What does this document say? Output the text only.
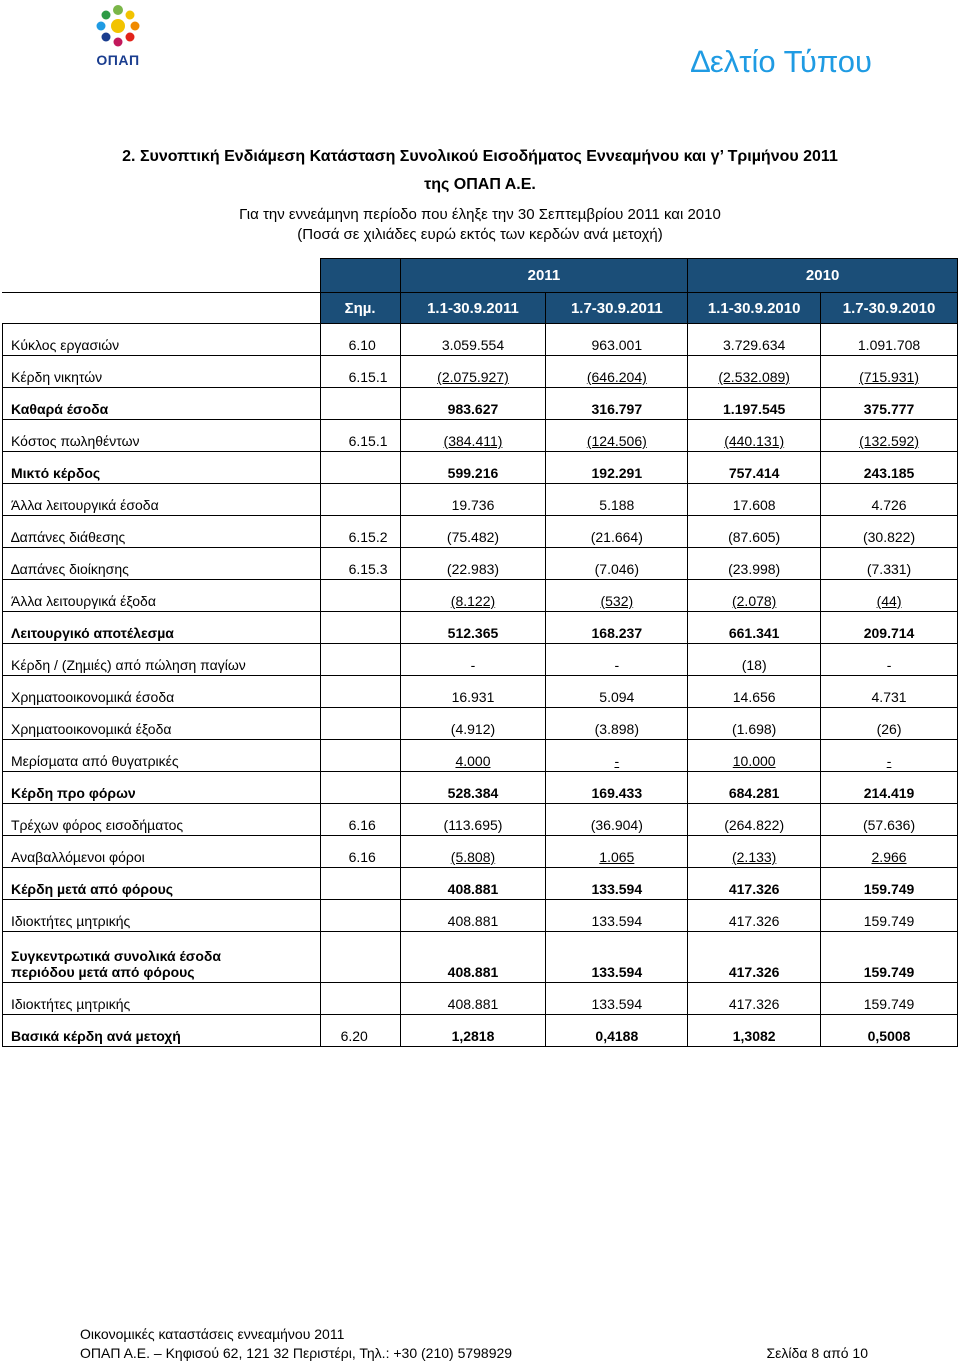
ΟΠΑΠ	∆ελτίο Τύπου
2. Συνοπτική Ενδιάµεση Κατάσταση Συνολικού Εισοδήµατος Εννεαµήνου και γ’ Τριµήνου 2011
της ΟΠΑΠ Α.Ε.
Για την εννεάµηνη περίοδο που έληξε την 30 Σεπτεµβρίου 2011 και 2010
(Ποσά σε χιλιάδες ευρώ εκτός των κερδών ανά µετοχή)
		2011		2010	
	Σηµ.	1.1-30.9.2011	1.7-30.9.2011	1.1-30.9.2010	1.7-30.9.2010
Κύκλος εργασιών	6.10	3.059.554	963.001	3.729.634	1.091.708
Κέρδη νικητών	6.15.1	(2.075.927)	(646.204)	(2.532.089)	(715.931)
Καθαρά έσοδα		983.627	316.797	1.197.545	375.777
Κόστος πωληθέντων	6.15.1	(384.411)	(124.506)	(440.131)	(132.592)
Μικτό κέρδος		599.216	192.291	757.414	243.185
Άλλα λειτουργικά έσοδα		19.736	5.188	17.608	4.726
∆απάνες διάθεσης	6.15.2	(75.482)	(21.664)	(87.605)	(30.822)
∆απάνες διοίκησης	6.15.3	(22.983)	(7.046)	(23.998)	(7.331)
Άλλα λειτουργικά έξοδα		(8.122)	(532)	(2.078)	(44)
Λειτουργικό αποτέλεσµα		512.365	168.237	661.341	209.714
Κέρδη / (Ζηµιές) από πώληση παγίων		-	-	(18)	-
Χρηµατοοικονοµικά έσοδα		16.931	5.094	14.656	4.731
Χρηµατοοικονοµικά έξοδα		(4.912)	(3.898)	(1.698)	(26)
Μερίσµατα από θυγατρικές		4.000	-	10.000	-
Κέρδη προ φόρων		528.384	169.433	684.281	214.419
Τρέχων φόρος εισοδήµατος	6.16	(113.695)	(36.904)	(264.822)	(57.636)
Αναβαλλόµενοι φόροι	6.16	(5.808)	1.065	(2.133)	2.966
Κέρδη µετά από φόρους		408.881	133.594	417.326	159.749
Ιδιοκτήτες µητρικής		408.881	133.594	417.326	159.749

Συγκεντρωτικά συνολικά έσοδα
περιόδου µετά από φόρους		408.881	133.594	417.326	159.749
Ιδιοκτήτες µητρικής		408.881	133.594	417.326	159.749
Βασικά κέρδη ανά µετοχή	6.20	1,2818	0,4188	1,3082	0,5008
Οικονοµικές καταστάσεις εννεαµήνου 2011
ΟΠΑΠ Α.Ε. – Κηφισού 62, 121 32 Περιστέρι, Τηλ.: +30 (210) 5798929	Σελίδα 8 από 10
